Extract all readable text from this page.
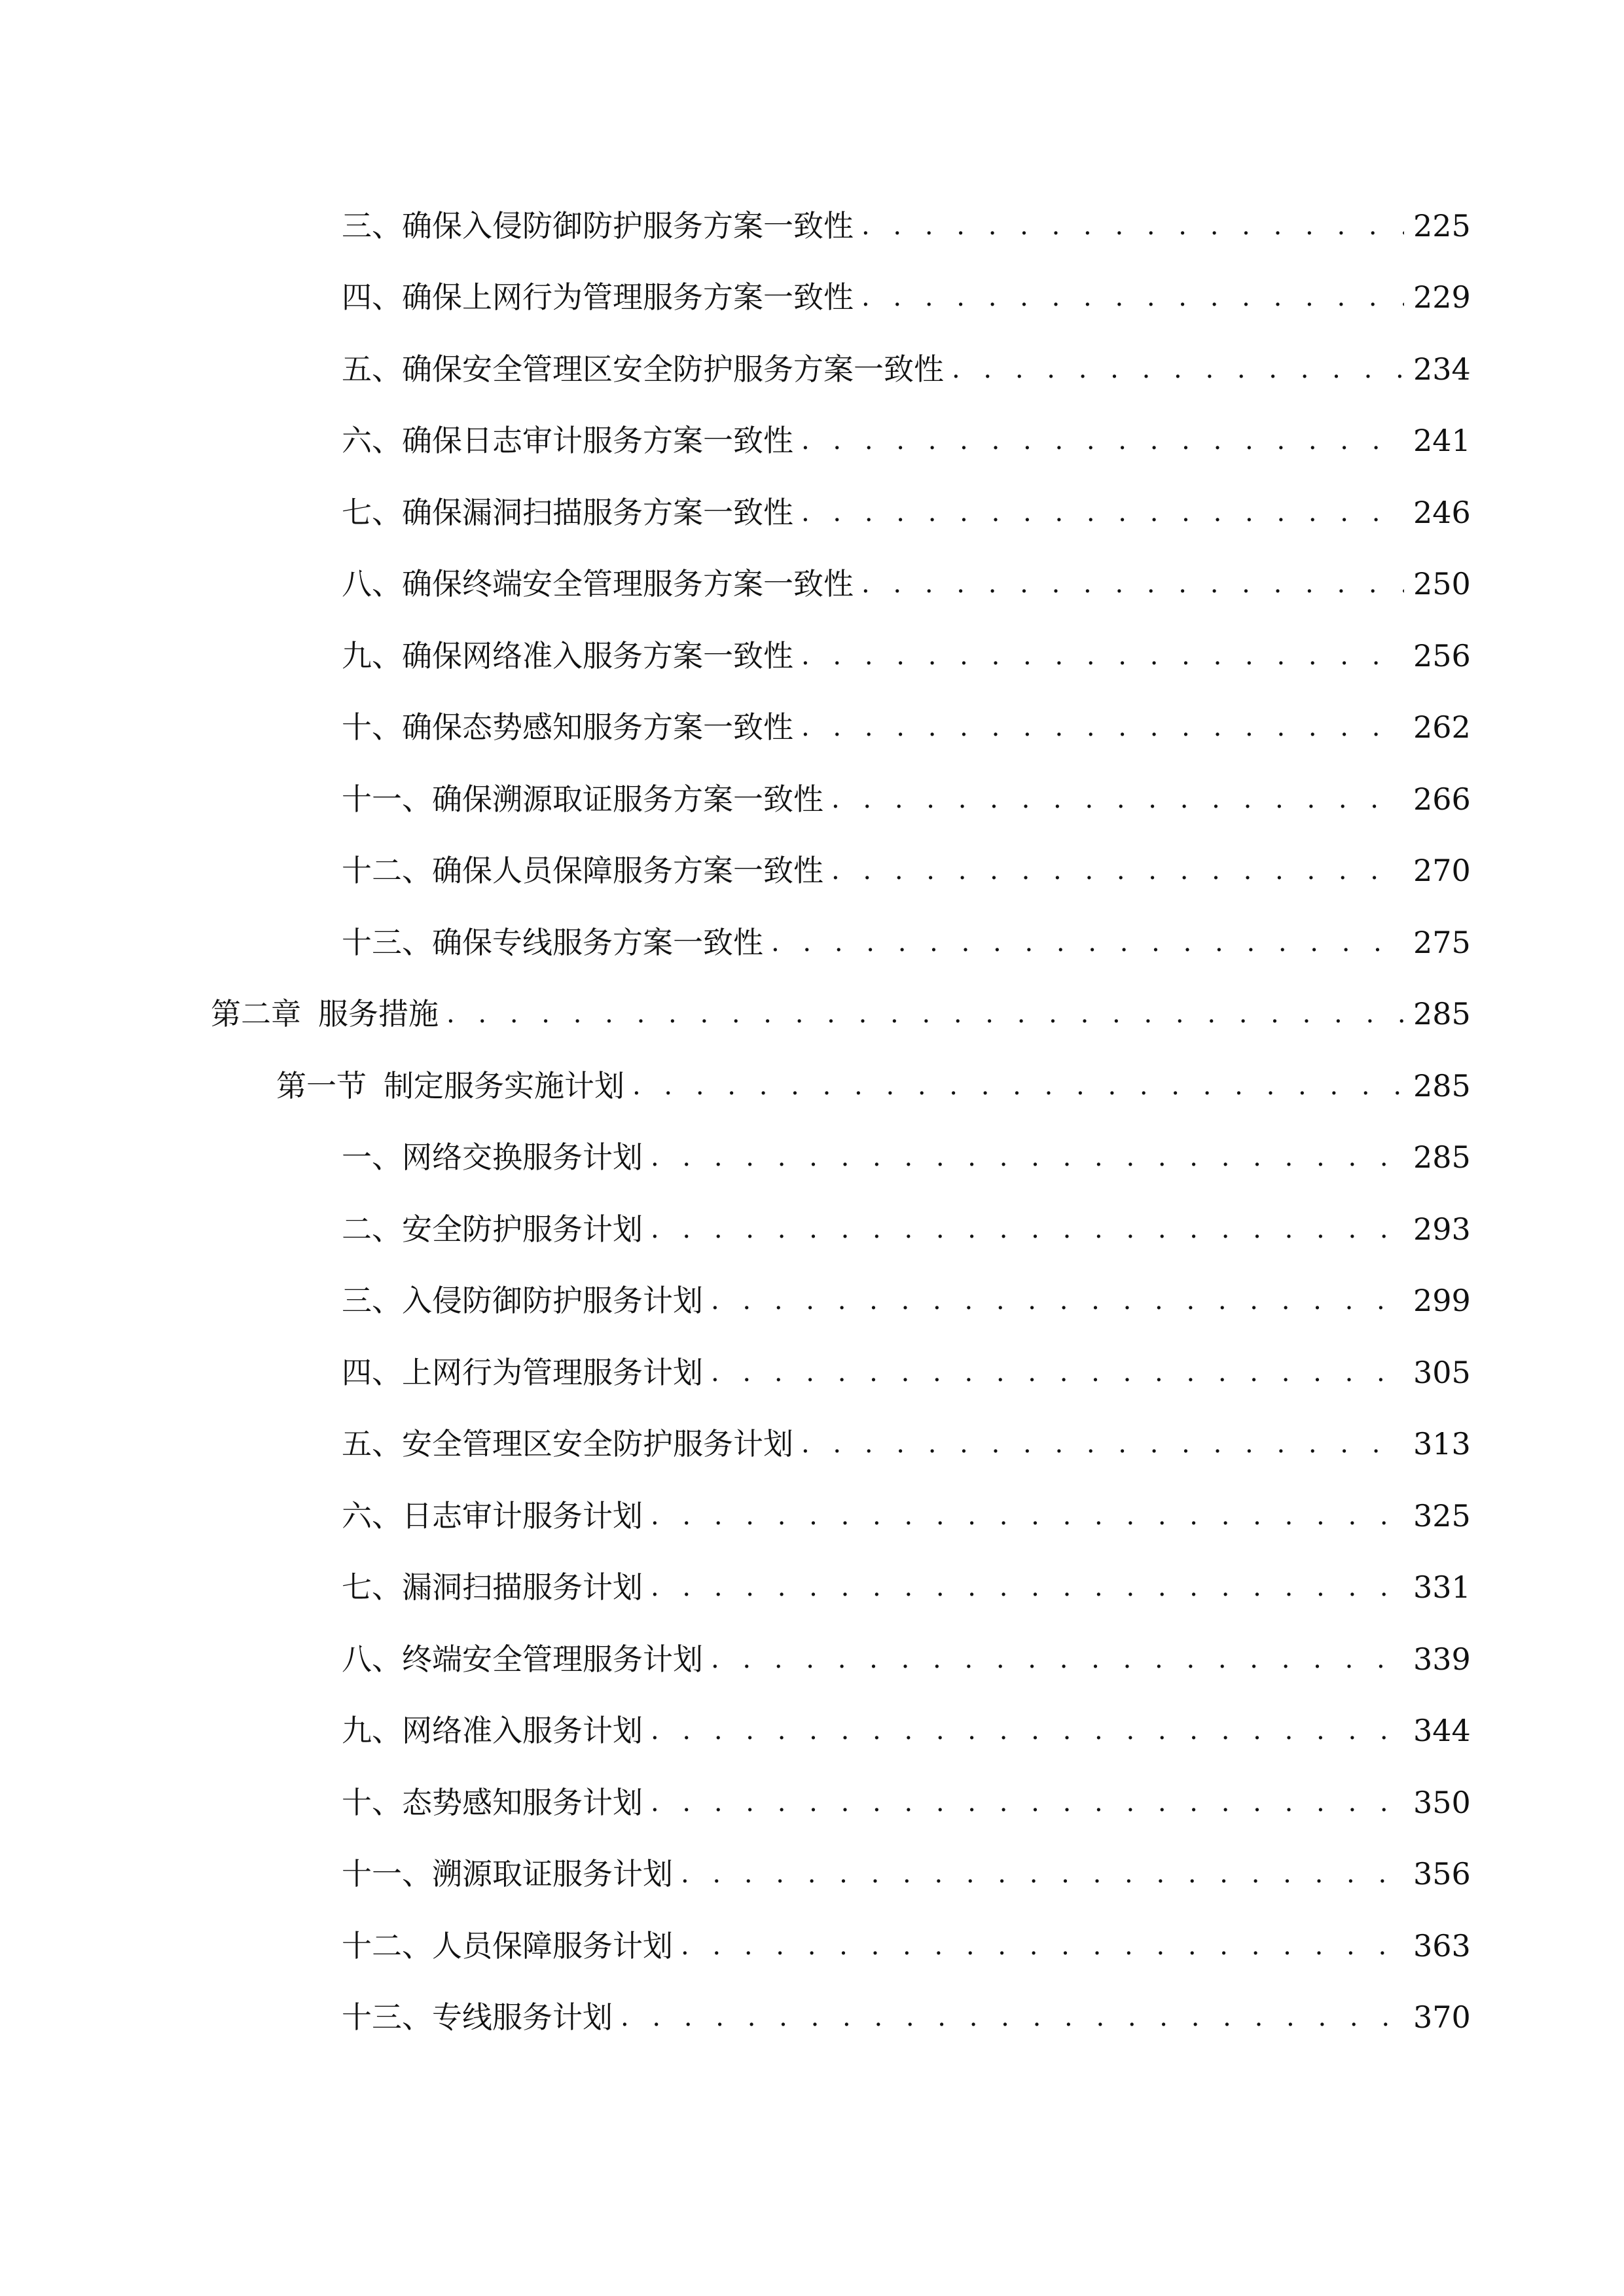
三、 确保入侵防御防护服务方案一致性 . . .	225
四、 确保上网行为管理服务方案一致性 . . .	229
五、 确保安全管理区安全防护服务方案一致性 . . .	234
六、 确保日志审计服务方案一致性 . . .	241
七、 确保漏洞扫描服务方案一致性 . . .	246
八、 确保终端安全管理服务方案一致性 . . .	250
九、 确保网络准入服务方案一致性 . . .	256
十、 确保态势感知服务方案一致性 . . .	262
十一、 确保溯源取证服务方案一致性 . . .	266
十二、 确保人员保障服务方案一致性 . . .	270
十三、 确保专线服务方案一致性 . . .	275
第二章 服务措施 . . .	285
第一节 制定服务实施计划 . . .	285
一、 网络交换服务计划 . . .	285
二、 安全防护服务计划 . . .	293
三、 入侵防御防护服务计划 . . .	299
四、 上网行为管理服务计划 . . .	305
五、 安全管理区安全防护服务计划 . . .	313
六、 日志审计服务计划 . . .	325
七、 漏洞扫描服务计划 . . .	331
八、 终端安全管理服务计划 . . .	339
九、 网络准入服务计划 . . .	344
十、 态势感知服务计划 . . .	350
十一、 溯源取证服务计划 . . .	356
十二、 人员保障服务计划 . . .	363
十三、 专线服务计划 . . .	370
